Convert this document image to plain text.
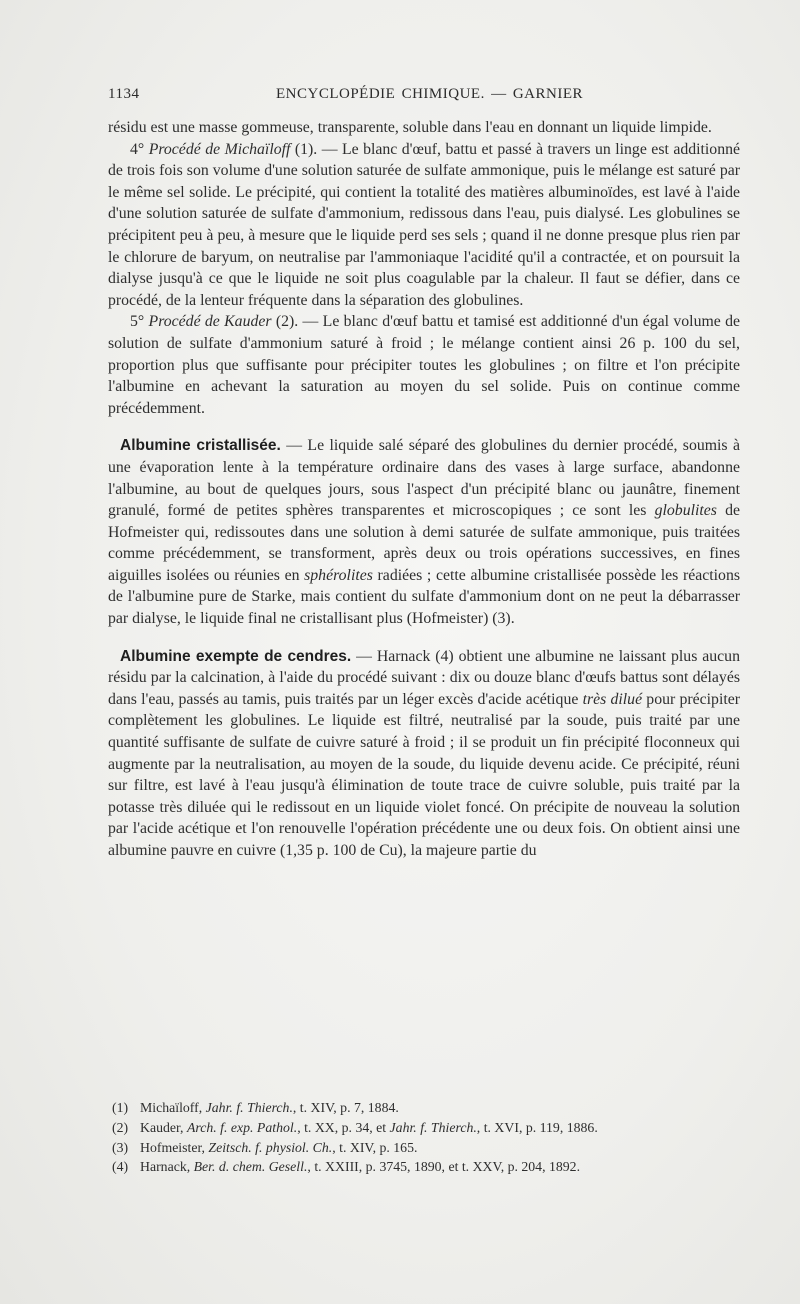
1134	ENCYCLOPÉDIE CHIMIQUE. — GARNIER

résidu est une masse gommeuse, transparente, soluble dans l'eau en donnant un liquide limpide.

4° Procédé de Michaïloff (1). — Le blanc d'œuf, battu et passé à travers un linge est additionné de trois fois son volume d'une solution saturée de sulfate ammonique, puis le mélange est saturé par le même sel solide. Le précipité, qui contient la totalité des matières albuminoïdes, est lavé à l'aide d'une solution saturée de sulfate d'ammonium, redissous dans l'eau, puis dialysé. Les globulines se précipitent peu à peu, à mesure que le liquide perd ses sels ; quand il ne donne presque plus rien par le chlorure de baryum, on neutralise par l'ammoniaque l'acidité qu'il a contractée, et on poursuit la dialyse jusqu'à ce que le liquide ne soit plus coagulable par la chaleur. Il faut se défier, dans ce procédé, de la lenteur fréquente dans la séparation des globulines.

5° Procédé de Kauder (2). — Le blanc d'œuf battu et tamisé est additionné d'un égal volume de solution de sulfate d'ammonium saturé à froid ; le mélange contient ainsi 26 p. 100 du sel, proportion plus que suffisante pour précipiter toutes les globulines ; on filtre et l'on précipite l'albumine en achevant la saturation au moyen du sel solide. Puis on continue comme précédemment.

Albumine cristallisée. — Le liquide salé séparé des globulines du dernier procédé, soumis à une évaporation lente à la température ordinaire dans des vases à large surface, abandonne l'albumine, au bout de quelques jours, sous l'aspect d'un précipité blanc ou jaunâtre, finement granulé, formé de petites sphères transparentes et microscopiques ; ce sont les globulites de Hofmeister qui, redissoutes dans une solution à demi saturée de sulfate ammonique, puis traitées comme précédemment, se transforment, après deux ou trois opérations successives, en fines aiguilles isolées ou réunies en sphérolites radiées ; cette albumine cristallisée possède les réactions de l'albumine pure de Starke, mais contient du sulfate d'ammonium dont on ne peut la débarrasser par dialyse, le liquide final ne cristallisant plus (Hofmeister) (3).

Albumine exempte de cendres. — Harnack (4) obtient une albumine ne laissant plus aucun résidu par la calcination, à l'aide du procédé suivant : dix ou douze blanc d'œufs battus sont délayés dans l'eau, passés au tamis, puis traités par un léger excès d'acide acétique très dilué pour précipiter complètement les globulines. Le liquide est filtré, neutralisé par la soude, puis traité par une quantité suffisante de sulfate de cuivre saturé à froid ; il se produit un fin précipité floconneux qui augmente par la neutralisation, au moyen de la soude, du liquide devenu acide. Ce précipité, réuni sur filtre, est lavé à l'eau jusqu'à élimination de toute trace de cuivre soluble, puis traité par la potasse très diluée qui le redissout en un liquide violet foncé. On précipite de nouveau la solution par l'acide acétique et l'on renouvelle l'opération précédente une ou deux fois. On obtient ainsi une albumine pauvre en cuivre (1,35 p. 100 de Cu), la majeure partie du

(1) Michaïloff, Jahr. f. Thierch., t. XIV, p. 7, 1884.
(2) Kauder, Arch. f. exp. Pathol., t. XX, p. 34, et Jahr. f. Thierch., t. XVI, p. 119, 1886.
(3) Hofmeister, Zeitsch. f. physiol. Ch., t. XIV, p. 165.
(4) Harnack, Ber. d. chem. Gesell., t. XXIII, p. 3745, 1890, et t. XXV, p. 204, 1892.
